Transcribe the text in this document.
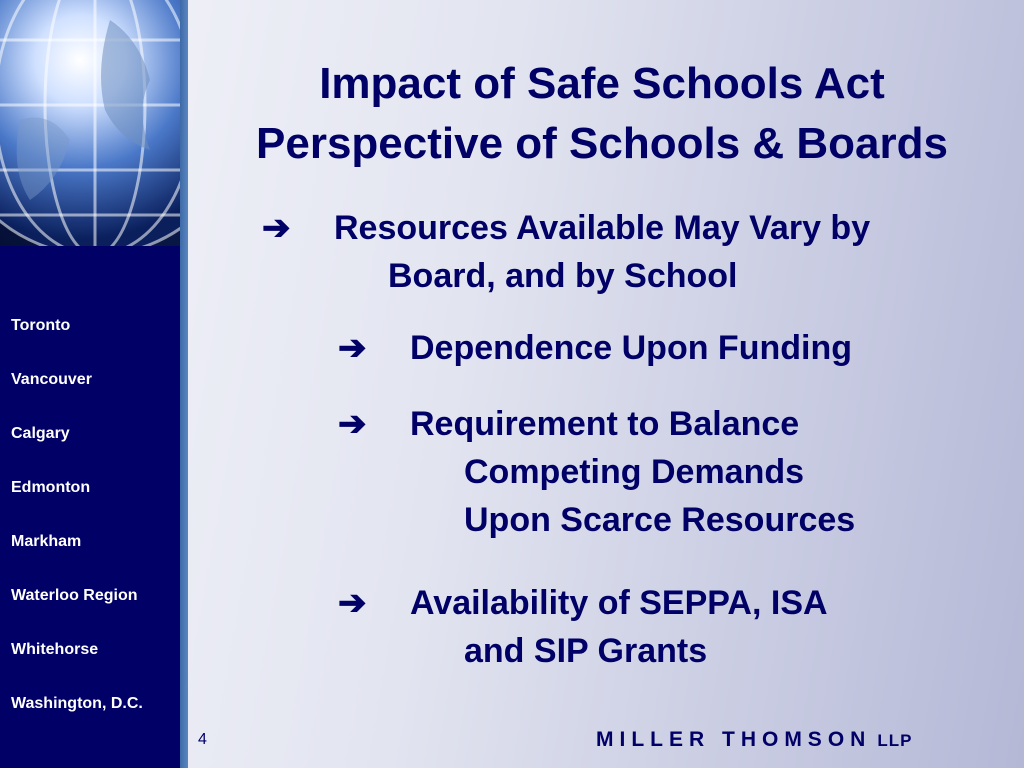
Toronto
Vancouver
Calgary
Edmonton
Markham
Waterloo Region
Whitehorse
Washington, D.C.
Impact of Safe Schools Act
Perspective of Schools & Boards
➔ Resources Available May Vary by
Board, and by School
➔ Dependence Upon Funding
➔ Requirement to Balance
Competing Demands
Upon Scarce Resources
➔ Availability of SEPPA, ISA
and SIP Grants
4	MILLER THOMSON LLP
